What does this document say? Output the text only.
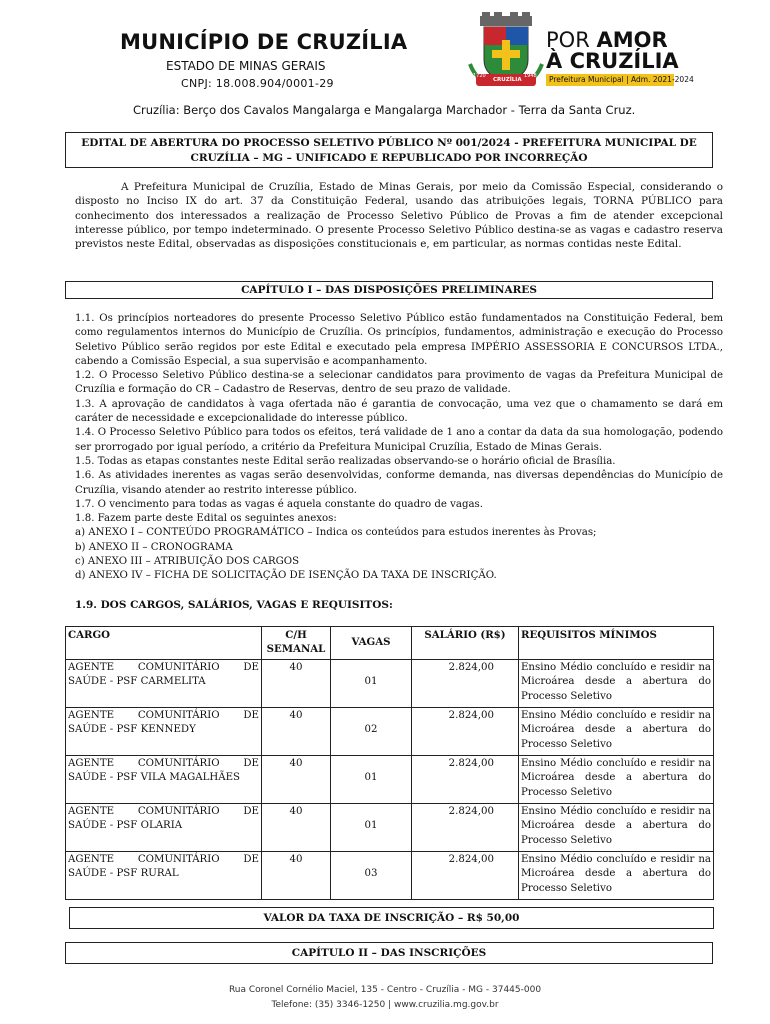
MUNICÍPIO DE CRUZÍLIA
ESTADO DE MINAS GERAIS
CNPJ: 18.008.904/0001-29
1720
CRUZÍLIA
1948
POR AMOR
À CRUZÍLIA
Prefeitura Municipal | Adm. 2021-2024
Cruzília: Berço dos Cavalos Mangalarga e Mangalarga Marchador - Terra da Santa Cruz.
EDITAL DE ABERTURA DO PROCESSO SELETIVO PÚBLICO Nº 001/2024 - PREFEITURA MUNICIPAL DE
CRUZÍLIA – MG – UNIFICADO E REPUBLICADO POR INCORREÇÃO

A Prefeitura Municipal de Cruzília, Estado de Minas Gerais, por meio da Comissão Especial, considerando o disposto no Inciso IX do art. 37 da Constituição Federal, usando das atribuições legais, TORNA PÚBLICO para conhecimento dos interessados a realização de Processo Seletivo Público de Provas a fim de atender excepcional interesse público, por tempo indeterminado. O presente Processo Seletivo Público destina-se as vagas e cadastro reserva previstos neste Edital, observadas as disposições constitucionais e, em particular, as normas contidas neste Edital.

CAPÍTULO I – DAS DISPOSIÇÕES PRELIMINARES

1.1. Os princípios norteadores do presente Processo Seletivo Público estão fundamentados na Constituição Federal, bem como regulamentos internos do Município de Cruzília. Os princípios, fundamentos, administração e execução do Processo Seletivo Público serão regidos por este Edital e executado pela empresa IMPÉRIO ASSESSORIA E CONCURSOS LTDA., cabendo a Comissão Especial, a sua supervisão e acompanhamento.

1.2. O Processo Seletivo Público destina-se a selecionar candidatos para provimento de vagas da Prefeitura Municipal de Cruzília e formação do CR – Cadastro de Reservas, dentro de seu prazo de validade.

1.3. A aprovação de candidatos à vaga ofertada não é garantia de convocação, uma vez que o chamamento se dará em caráter de necessidade e excepcionalidade do interesse público.

1.4. O Processo Seletivo Público para todos os efeitos, terá validade de 1 ano a contar da data da sua homologação, podendo ser prorrogado por igual período, a critério da Prefeitura Municipal Cruzília, Estado de Minas Gerais.

1.5. Todas as etapas constantes neste Edital serão realizadas observando-se o horário oficial de Brasília.

1.6. As atividades inerentes as vagas serão desenvolvidas, conforme demanda, nas diversas dependências do Município de Cruzília, visando atender ao restrito interesse público.

1.7. O vencimento para todas as vagas é aquela constante do quadro de vagas.

1.8. Fazem parte deste Edital os seguintes anexos:

a) ANEXO I – CONTEÚDO PROGRAMÁTICO – Indica os conteúdos para estudos inerentes às Provas;

b) ANEXO II – CRONOGRAMA

c) ANEXO III – ATRIBUIÇÃO DOS CARGOS

d) ANEXO IV – FICHA DE SOLICITAÇÃO DE ISENÇÃO DA TAXA DE INSCRIÇÃO.

1.9. DOS CARGOS, SALÁRIOS, VAGAS E REQUISITOS:
CARGO	C/H SEMANAL	VAGAS	SALÁRIO (R$)	REQUISITOS MÍNIMOS
AGENTE COMUNITÁRIO DE SAÚDE - PSF CARMELITA	40	01	2.824,00	Ensino Médio concluído e residir na Microárea desde a abertura do Processo Seletivo
AGENTE COMUNITÁRIO DE SAÚDE - PSF KENNEDY	40	02	2.824,00	Ensino Médio concluído e residir na Microárea desde a abertura do Processo Seletivo
AGENTE COMUNITÁRIO DE SAÚDE - PSF VILA MAGALHÃES	40	01	2.824,00	Ensino Médio concluído e residir na Microárea desde a abertura do Processo Seletivo
AGENTE COMUNITÁRIO DE SAÚDE - PSF OLARIA	40	01	2.824,00	Ensino Médio concluído e residir na Microárea desde a abertura do Processo Seletivo
AGENTE COMUNITÁRIO DE SAÚDE - PSF RURAL	40	03	2.824,00	Ensino Médio concluído e residir na Microárea desde a abertura do Processo Seletivo
VALOR DA TAXA DE INSCRIÇÃO – R$ 50,00
CAPÍTULO II – DAS INSCRIÇÕES
Rua Coronel Cornélio Maciel, 135 - Centro - Cruzília - MG - 37445-000
Telefone: (35) 3346-1250 | www.cruzilia.mg.gov.br
